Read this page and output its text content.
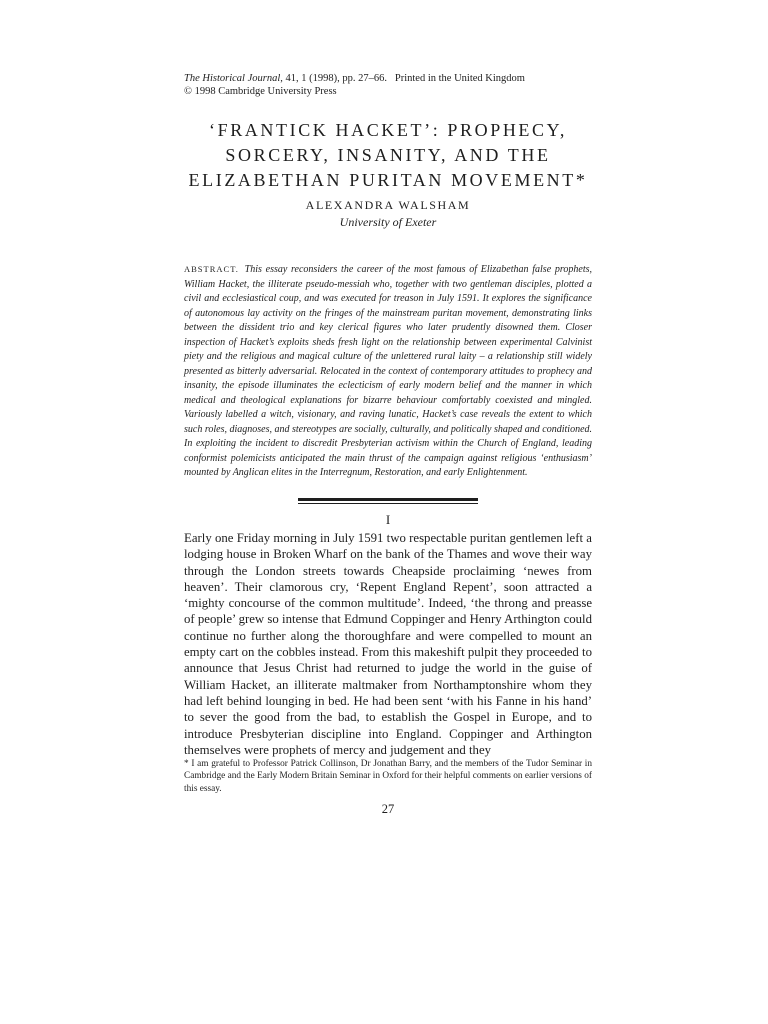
The Historical Journal, 41, 1 (1998), pp. 27–66. Printed in the United Kingdom
© 1998 Cambridge University Press
‘FRANTICK HACKET’: PROPHECY,
SORCERY, INSANITY, AND THE
ELIZABETHAN PURITAN MOVEMENT*
ALEXANDRA WALSHAM
University of Exeter
ABSTRACT. This essay reconsiders the career of the most famous of Elizabethan false prophets, William Hacket, the illiterate pseudo-messiah who, together with two gentleman disciples, plotted a civil and ecclesiastical coup, and was executed for treason in July 1591. It explores the significance of autonomous lay activity on the fringes of the mainstream puritan movement, demonstrating links between the dissident trio and key clerical figures who later prudently disowned them. Closer inspection of Hacket’s exploits sheds fresh light on the relationship between experimental Calvinist piety and the religious and magical culture of the unlettered rural laity – a relationship still widely presented as bitterly adversarial. Relocated in the context of contemporary attitudes to prophecy and insanity, the episode illuminates the eclecticism of early modern belief and the manner in which medical and theological explanations for bizarre behaviour comfortably coexisted and mingled. Variously labelled a witch, visionary, and raving lunatic, Hacket’s case reveals the extent to which such roles, diagnoses, and stereotypes are socially, culturally, and politically shaped and conditioned. In exploiting the incident to discredit Presbyterian activism within the Church of England, leading conformist polemicists anticipated the main thrust of the campaign against religious ‘enthusiasm’ mounted by Anglican elites in the Interregnum, Restoration, and early Enlightenment.
I
Early one Friday morning in July 1591 two respectable puritan gentlemen left a lodging house in Broken Wharf on the bank of the Thames and wove their way through the London streets towards Cheapside proclaiming ‘newes from heaven’. Their clamorous cry, ‘Repent England Repent’, soon attracted a ‘mighty concourse of the common multitude’. Indeed, ‘the throng and preasse of people’ grew so intense that Edmund Coppinger and Henry Arthington could continue no further along the thoroughfare and were compelled to mount an empty cart on the cobbles instead. From this makeshift pulpit they proceeded to announce that Jesus Christ had returned to judge the world in the guise of William Hacket, an illiterate maltmaker from Northamptonshire whom they had left behind lounging in bed. He had been sent ‘with his Fanne in his hand’ to sever the good from the bad, to establish the Gospel in Europe, and to introduce Presbyterian discipline into England. Coppinger and Arthington themselves were prophets of mercy and judgement and they
* I am grateful to Professor Patrick Collinson, Dr Jonathan Barry, and the members of the Tudor Seminar in Cambridge and the Early Modern Britain Seminar in Oxford for their helpful comments on earlier versions of this essay.
27
